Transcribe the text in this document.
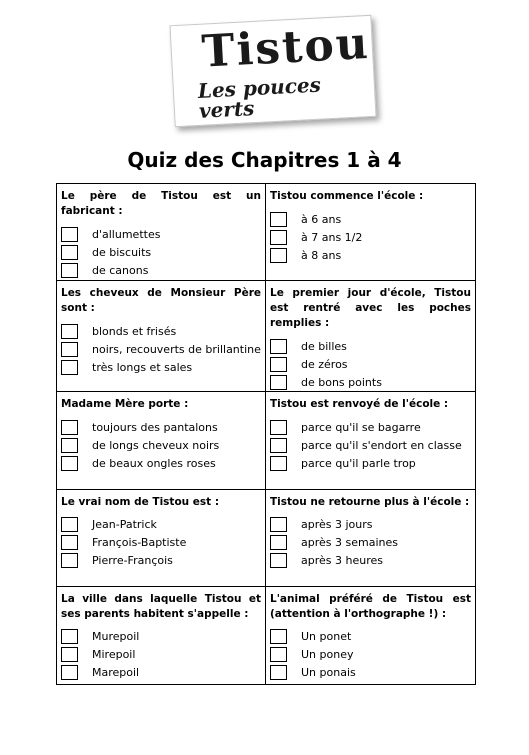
Tistou
Les pouces verts
Quiz des Chapitres 1 à 4
Le père de Tistou est un fabricant :
d'allumettes
de biscuits
de canons
Tistou commence l'école :
à 6 ans
à 7 ans 1/2
à 8 ans
Les cheveux de Monsieur Père sont :
blonds et frisés
noirs, recouverts de brillantine
très longs et sales
Le premier jour d'école, Tistou est rentré avec les poches remplies :
de billes
de zéros
de bons points
Madame Mère porte :
toujours des pantalons
de longs cheveux noirs
de beaux ongles roses
Tistou est renvoyé de l'école :
parce qu'il se bagarre
parce qu'il s'endort en classe
parce qu'il parle trop
Le vrai nom de Tistou est :
Jean-Patrick
François-Baptiste
Pierre-François
Tistou ne retourne plus à l'école :
après 3 jours
après 3 semaines
après 3 heures
La ville dans laquelle Tistou et ses parents habitent s'appelle :
Murepoil
Mirepoil
Marepoil
L'animal préféré de Tistou est (attention à l'orthographe !) :
Un ponet
Un poney
Un ponais
